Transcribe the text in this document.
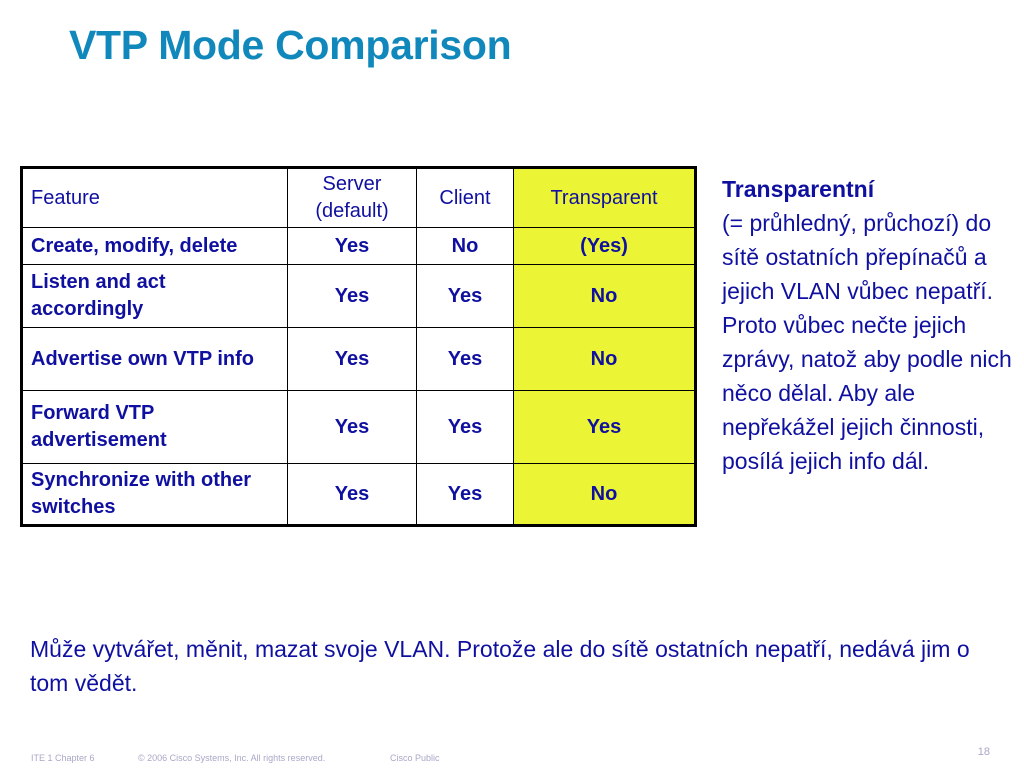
VTP Mode Comparison
Feature	Server (default)	Client	Transparent
Create, modify, delete	Yes	No	(Yes)
Listen and act accordingly	Yes	Yes	No
Advertise own VTP info	Yes	Yes	No
Forward VTP advertisement	Yes	Yes	Yes
Synchronize with other switches	Yes	Yes	No
Transparentní
(= průhledný, průchozí) do sítě ostatních přepínačů a jejich VLAN vůbec nepatří. Proto vůbec nečte jejich zprávy, natož aby podle nich něco dělal. Aby ale nepřekážel jejich činnosti, posílá jejich info dál.
Může vytvářet, měnit, mazat svoje VLAN. Protože ale do sítě ostatních nepatří, nedává jim o tom vědět.
ITE 1 Chapter 6	© 2006 Cisco Systems, Inc. All rights reserved.	Cisco Public	18
